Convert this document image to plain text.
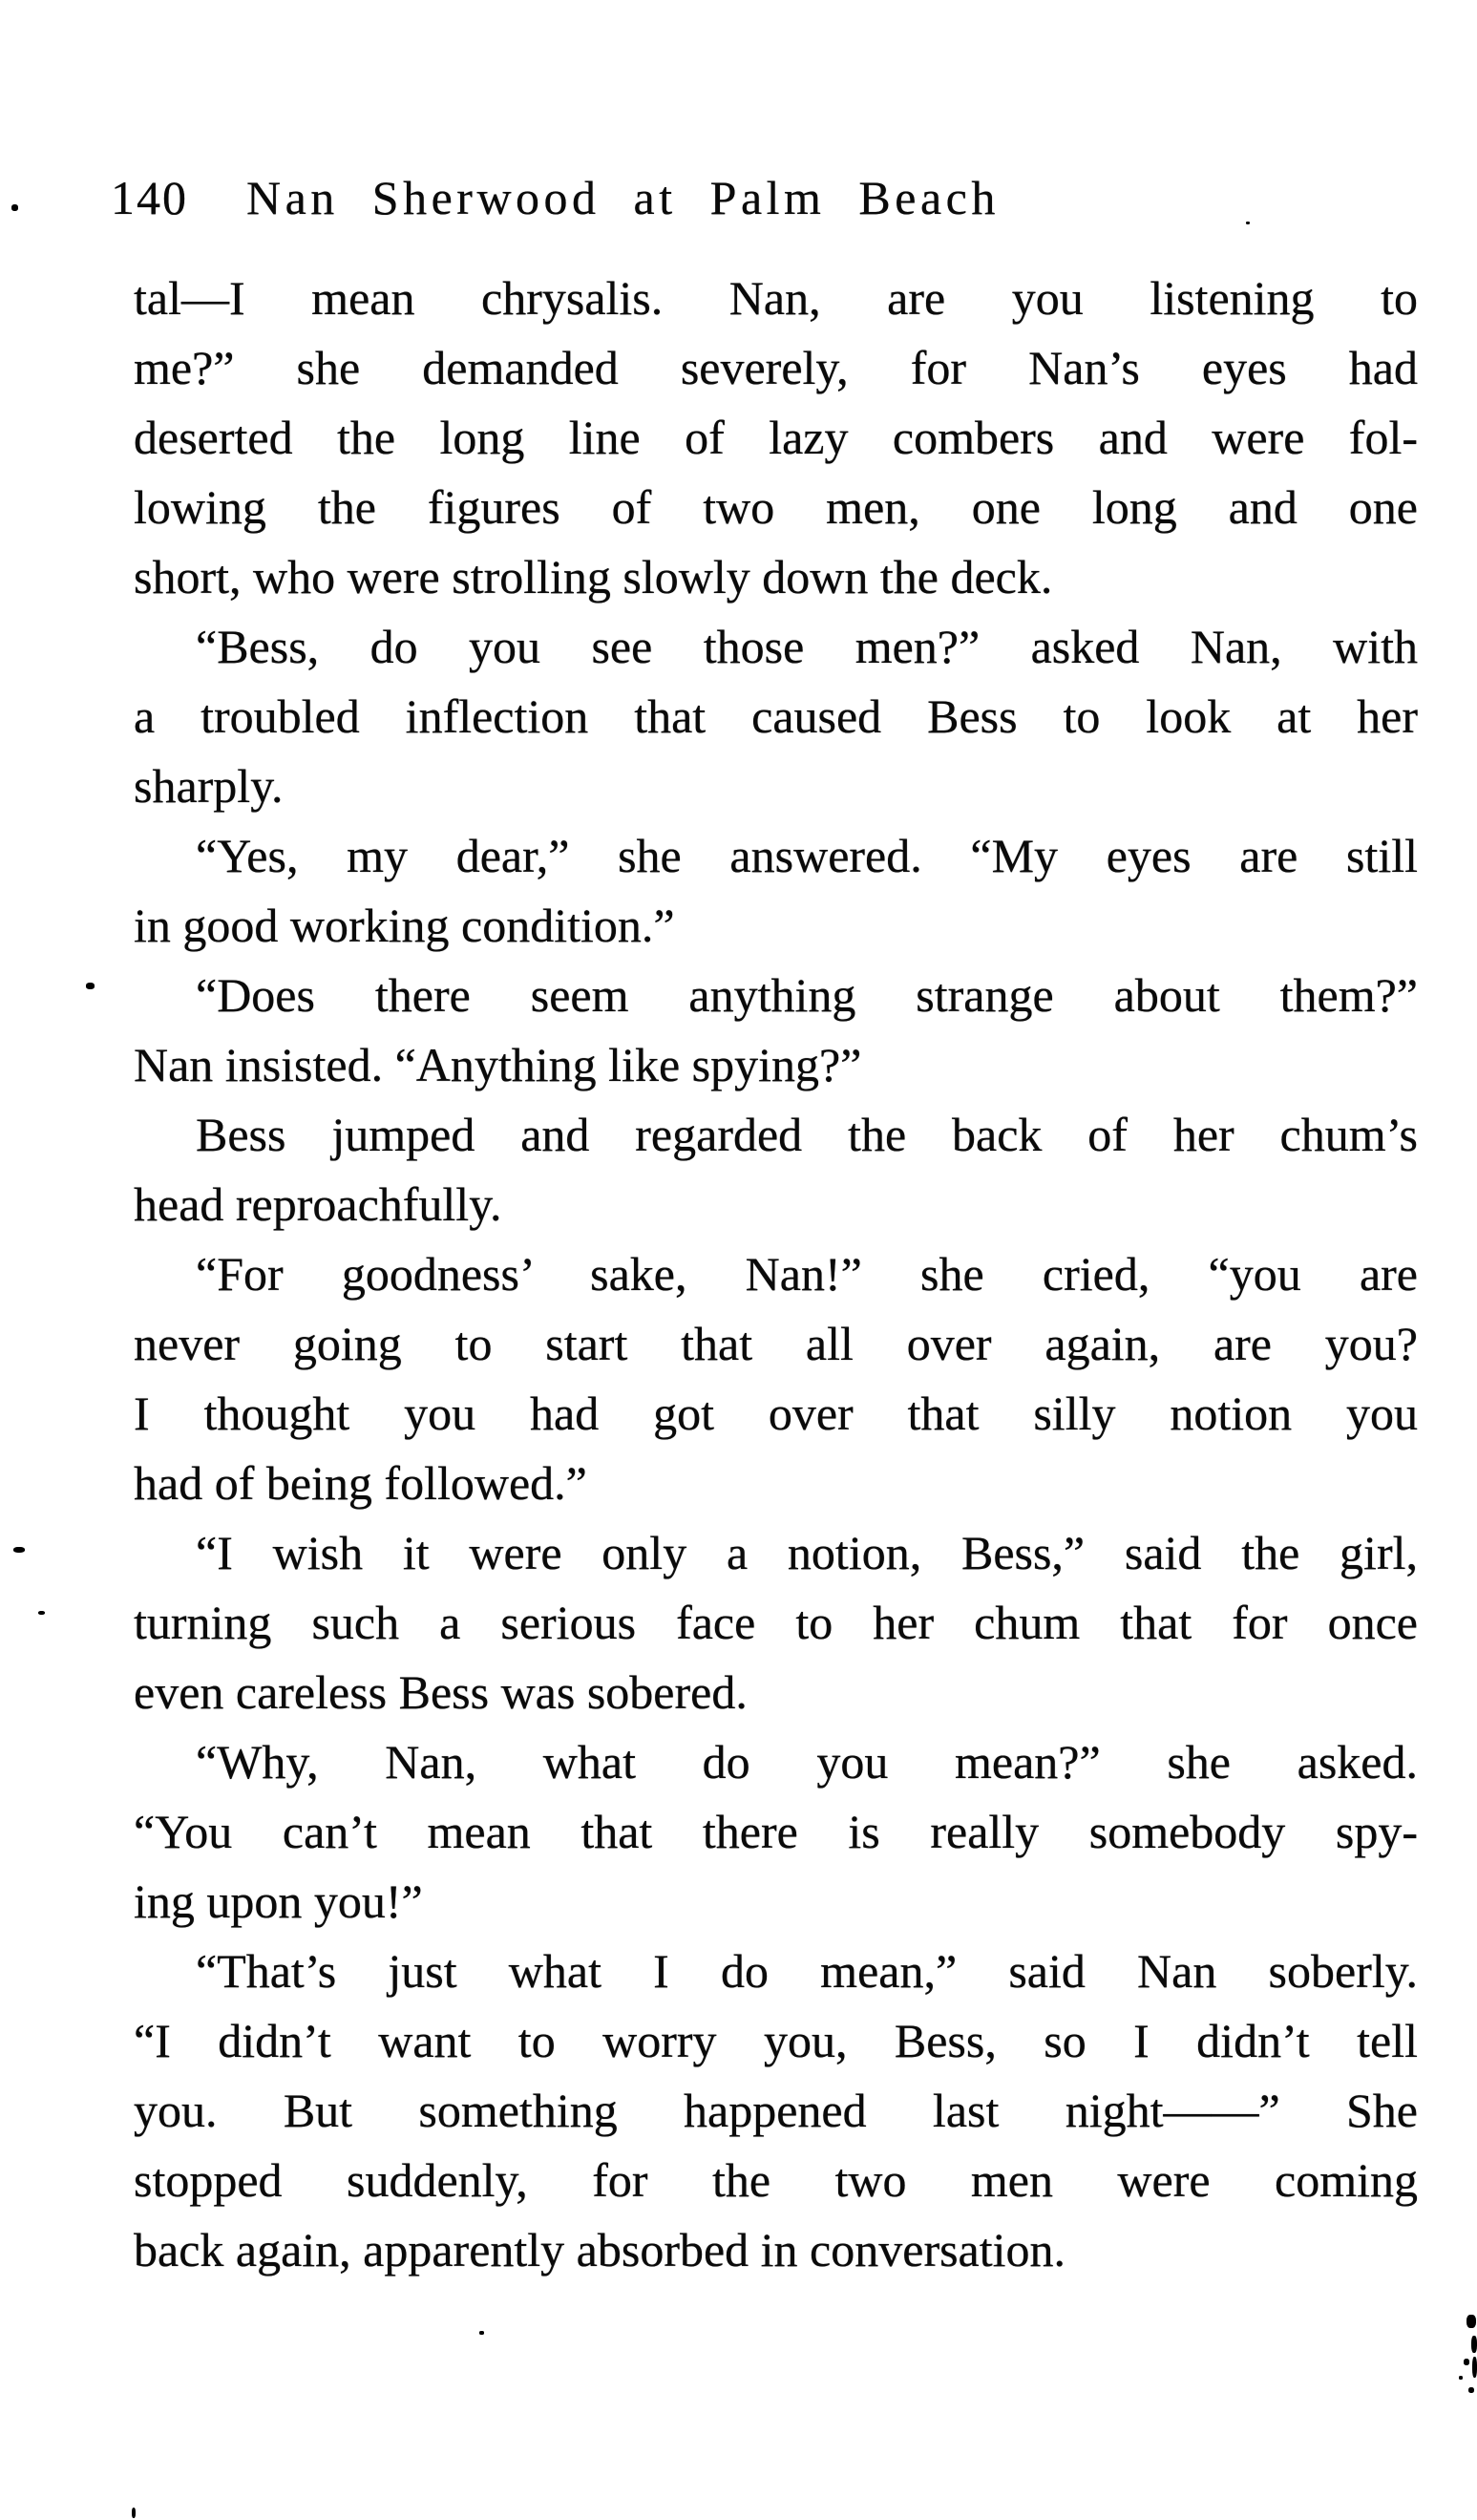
140 Nan Sherwood at Palm Beach
tal—I mean chrysalis. Nan, are you listening to
me?” she demanded severely, for Nan’s eyes had
deserted the long line of lazy combers and were fol-
lowing the figures of two men, one long and one
short, who were strolling slowly down the deck.
“Bess, do you see those men?” asked Nan, with
a troubled inflection that caused Bess to look at her
sharply.
“Yes, my dear,” she answered. “My eyes are still
in good working condition.”
“Does there seem anything strange about them?”
Nan insisted. “Anything like spying?”
Bess jumped and regarded the back of her chum’s
head reproachfully.
“For goodness’ sake, Nan!” she cried, “you are
never going to start that all over again, are you?
I thought you had got over that silly notion you
had of being followed.”
“I wish it were only a notion, Bess,” said the girl,
turning such a serious face to her chum that for once
even careless Bess was sobered.
“Why, Nan, what do you mean?” she asked.
“You can’t mean that there is really somebody spy-
ing upon you!”
“That’s just what I do mean,” said Nan soberly.
“I didn’t want to worry you, Bess, so I didn’t tell
you. But something happened last night——” She
stopped suddenly, for the two men were coming
back again, apparently absorbed in conversation.
